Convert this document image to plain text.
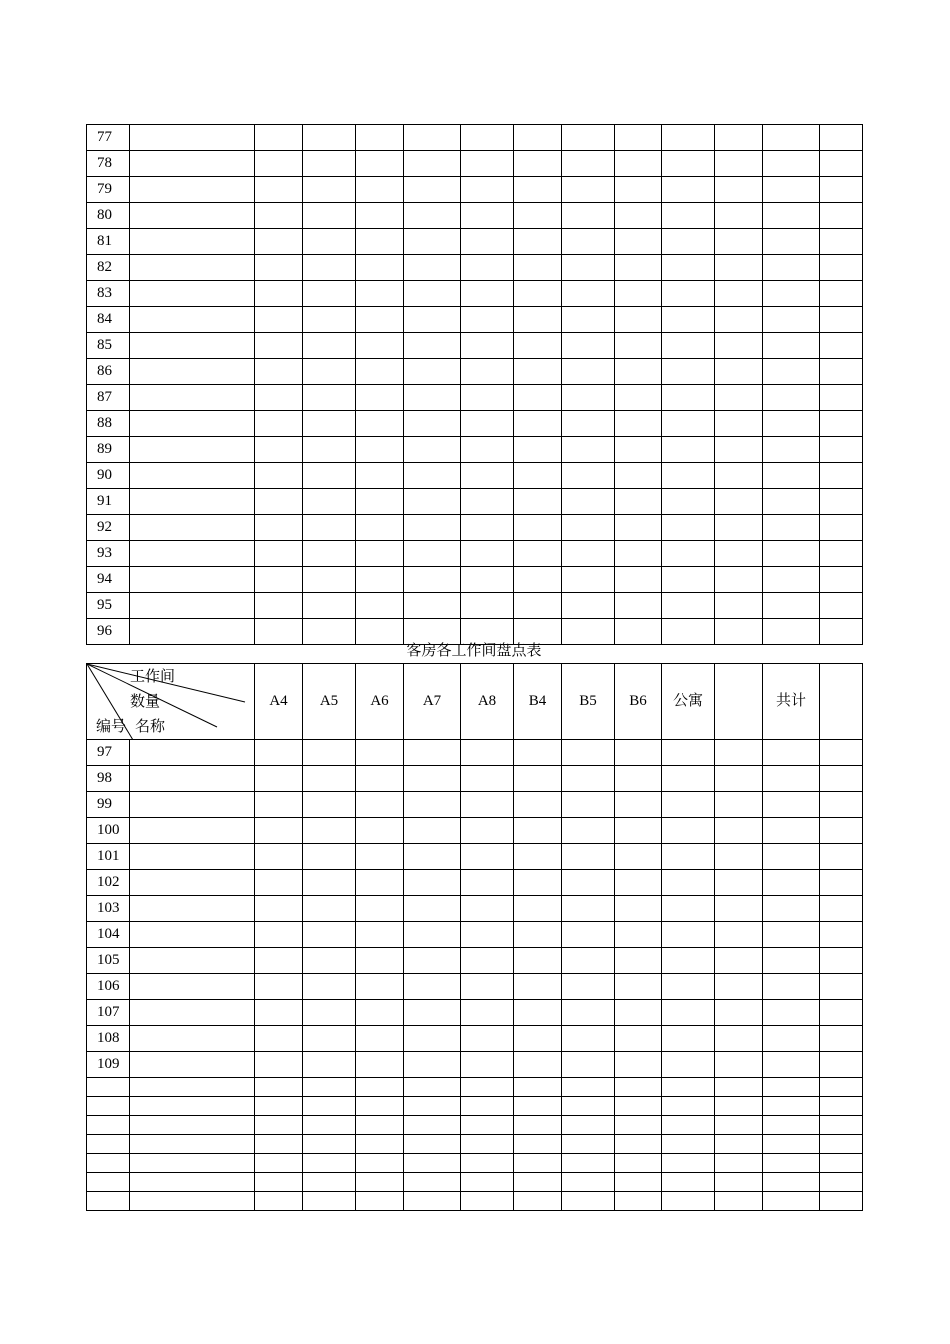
77													
78													
79													
80													
81													
82													
83													
84													
85													
86													
87													
88													
89													
90													
91													
92													
93													
94													
95													
96													
客房各工作间盘点表
工作间
数量
编号 名称		A4	A5	A6	A7	A8	B4	B5	B6	公寓		共计	
97													
98													
99													
100													
101													
102													
103													
104													
105													
106													
107													
108													
109													
